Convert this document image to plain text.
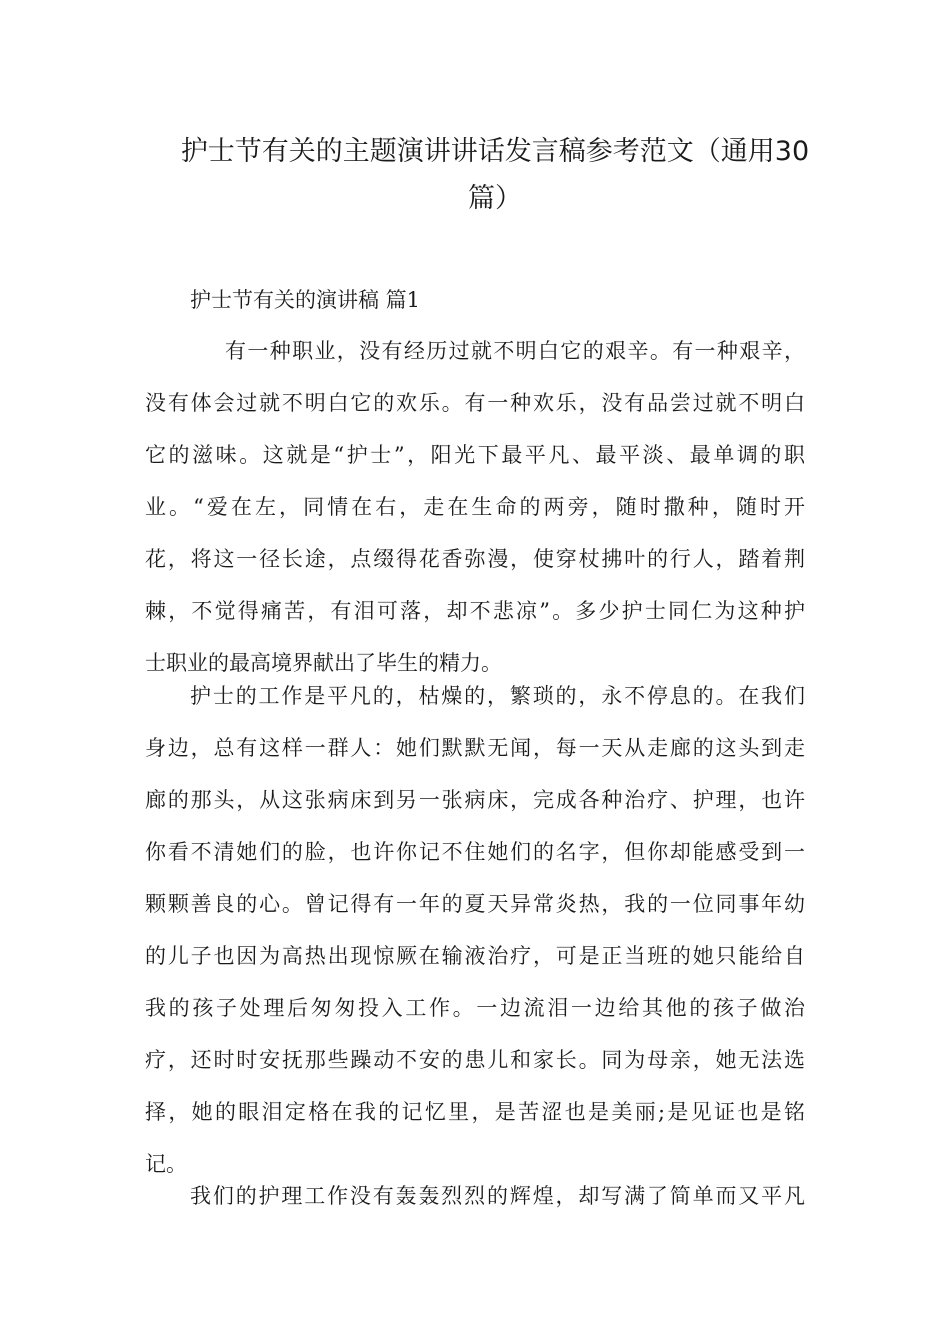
护士节有关的主题演讲讲话发言稿参考范文（通用30
篇）
护士节有关的演讲稿 篇1
有一种职业，没有经历过就不明白它的艰辛。有一种艰辛，
没有体会过就不明白它的欢乐。有一种欢乐，没有品尝过就不明白
它的滋味。这就是“护士”，阳光下最平凡、最平淡、最单调的职
业。“爱在左，同情在右，走在生命的两旁，随时撒种，随时开
花，将这一径长途，点缀得花香弥漫，使穿杖拂叶的行人，踏着荆
棘，不觉得痛苦，有泪可落，却不悲凉”。多少护士同仁为这种护
士职业的最高境界献出了毕生的精力。
护士的工作是平凡的，枯燥的，繁琐的，永不停息的。在我们
身边，总有这样一群人：她们默默无闻，每一天从走廊的这头到走
廊的那头，从这张病床到另一张病床，完成各种治疗、护理，也许
你看不清她们的脸，也许你记不住她们的名字，但你却能感受到一
颗颗善良的心。曾记得有一年的夏天异常炎热，我的一位同事年幼
的儿子也因为高热出现惊厥在输液治疗，可是正当班的她只能给自
我的孩子处理后匆匆投入工作。一边流泪一边给其他的孩子做治
疗，还时时安抚那些躁动不安的患儿和家长。同为母亲，她无法选
择，她的眼泪定格在我的记忆里，是苦涩也是美丽;是见证也是铭
记。
我们的护理工作没有轰轰烈烈的辉煌，却写满了简单而又平凡
